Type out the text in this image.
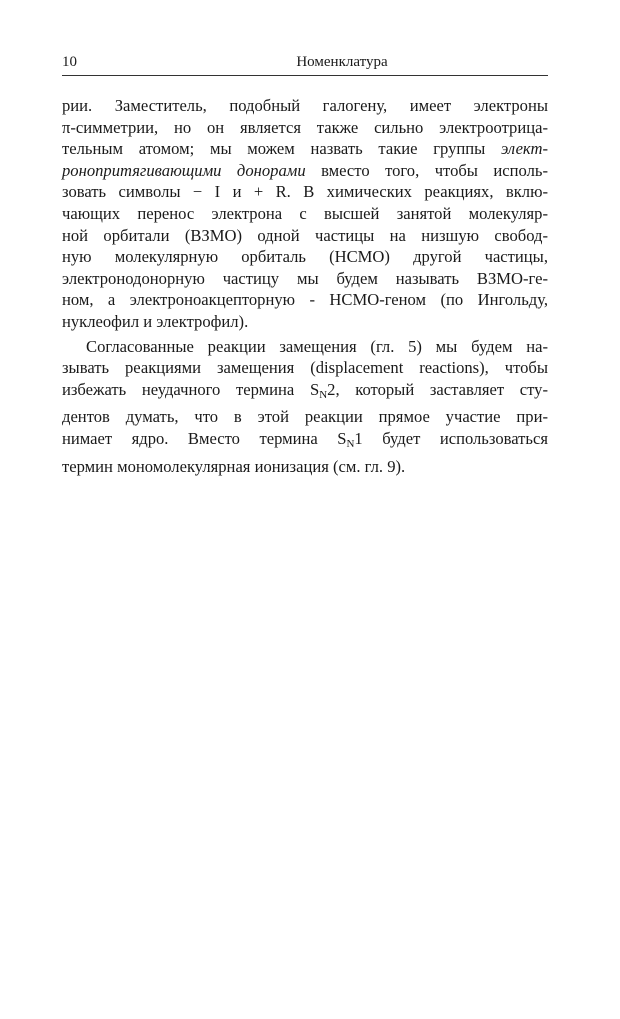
10	Номенклатура
рии. Заместитель, подобный галогену, имеет электроны
π-симметрии, но он является также сильно электроотрица-
тельным атомом; мы можем назвать такие группы элект-
ронопритягивающими донорами вместо того, чтобы исполь-
зовать символы − I и + R. В химических реакциях, вклю-
чающих перенос электрона с высшей занятой молекуляр-
ной орбитали (ВЗМО) одной частицы на низшую свобод-
ную молекулярную орбиталь (НСМО) другой частицы,
электронодонорную частицу мы будем называть ВЗМО-ге-
ном, а электроноакцепторную - НСМО-геном (по Ингольду,
нуклеофил и электрофил).
Согласованные реакции замещения (гл. 5) мы будем на-
зывать реакциями замещения (displacement reactions), чтобы
избежать неудачного термина $S_N2$, который заставляет сту-
дентов думать, что в этой реакции прямое участие при-
нимает ядро. Вместо термина $S_N1$ будет использоваться
термин мономолекулярная ионизация (см. гл. 9).
